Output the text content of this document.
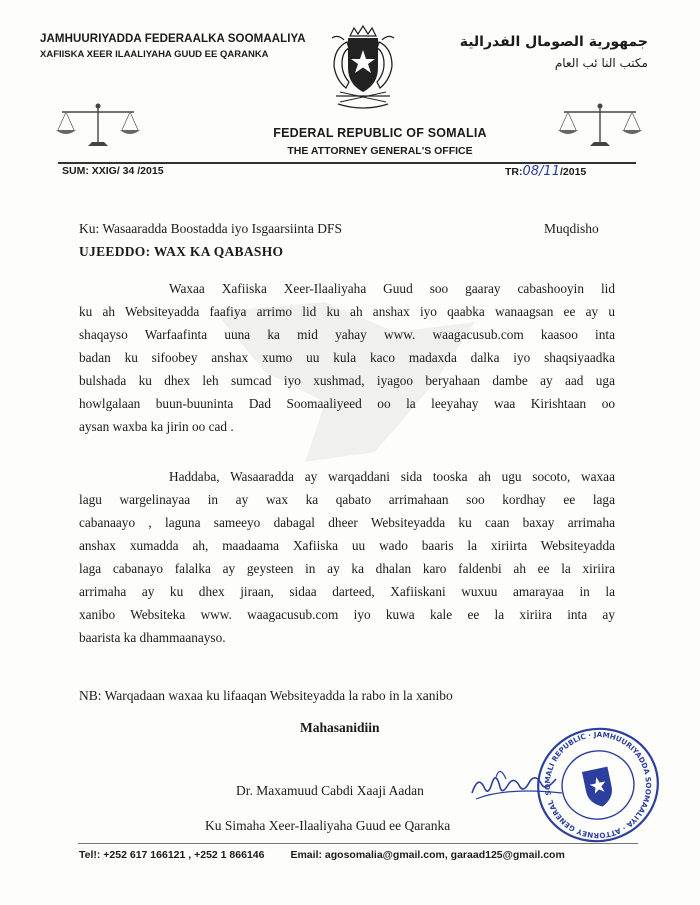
JAMHUURIYADDA FEDERAALKA SOOMAALIYA
XAFIISKA XEER ILAALIYAHA GUUD EE QARANKA
جمهورية الصومال الفدرالية
مكتب النا ئب العام
FEDERAL REPUBLIC OF SOMALIA
THE ATTORNEY GENERAL'S OFFICE
SUM: XXIG/ 34 /2015	TR:08/11/2015
Ku: Wasaaradda Boostadda iyo Isgaarsiinta DFS	Muqdisho
UJEEDDO: WAX KA QABASHO
Waxaa Xafiiska Xeer-Ilaaliyaha Guud soo gaaray cabashooyin lid
ku ah Websiteyadda faafiya arrimo lid ku ah anshax iyo qaabka wanaagsan ee ay u
shaqayso Warfaafinta uuna ka mid yahay www. waagacusub.com kaasoo inta
badan ku sifoobey anshax xumo uu kula kaco madaxda dalka iyo shaqsiyaadka
bulshada ku dhex leh sumcad iyo xushmad, iyagoo beryahaan dambe ay aad uga
howlgalaan buun-buuninta Dad Soomaaliyeed oo la leeyahay waa Kirishtaan oo
aysan waxba ka jirin oo cad .
Haddaba, Wasaaradda ay warqaddani sida tooska ah ugu socoto, waxaa
lagu wargelinayaa in ay wax ka qabato arrimahaan soo kordhay ee laga
cabanaayo , laguna sameeyo dabagal dheer Websiteyadda ku caan baxay arrimaha
anshax xumadda ah, maadaama Xafiiska uu wado baaris la xiriirta Websiteyadda
laga cabanayo falalka ay geysteen in ay ka dhalan karo faldenbi ah ee la xiriira
arrimaha ay ku dhex jiraan, sidaa darteed, Xafiiskani wuxuu amarayaa in la
xanibo Websiteka www. waagacusub.com iyo kuwa kale ee la xiriira inta ay
baarista ka dhammaanayso.
NB: Warqadaan waxaa ku lifaaqan Websiteyadda la rabo in la xanibo
Mahasanidiin
Dr. Maxamuud Cabdi Xaaji Aadan
Ku Simaha Xeer-Ilaaliyaha Guud ee Qaranka
SOMALI REPUBLIC · JAMHUURIYADDA SOOMAALIYA · ATTORNEY GENERAL
Tel!: +252 617 166121 , +252 1 866146 Email: agosomalia@gmail.com, garaad125@gmail.com
